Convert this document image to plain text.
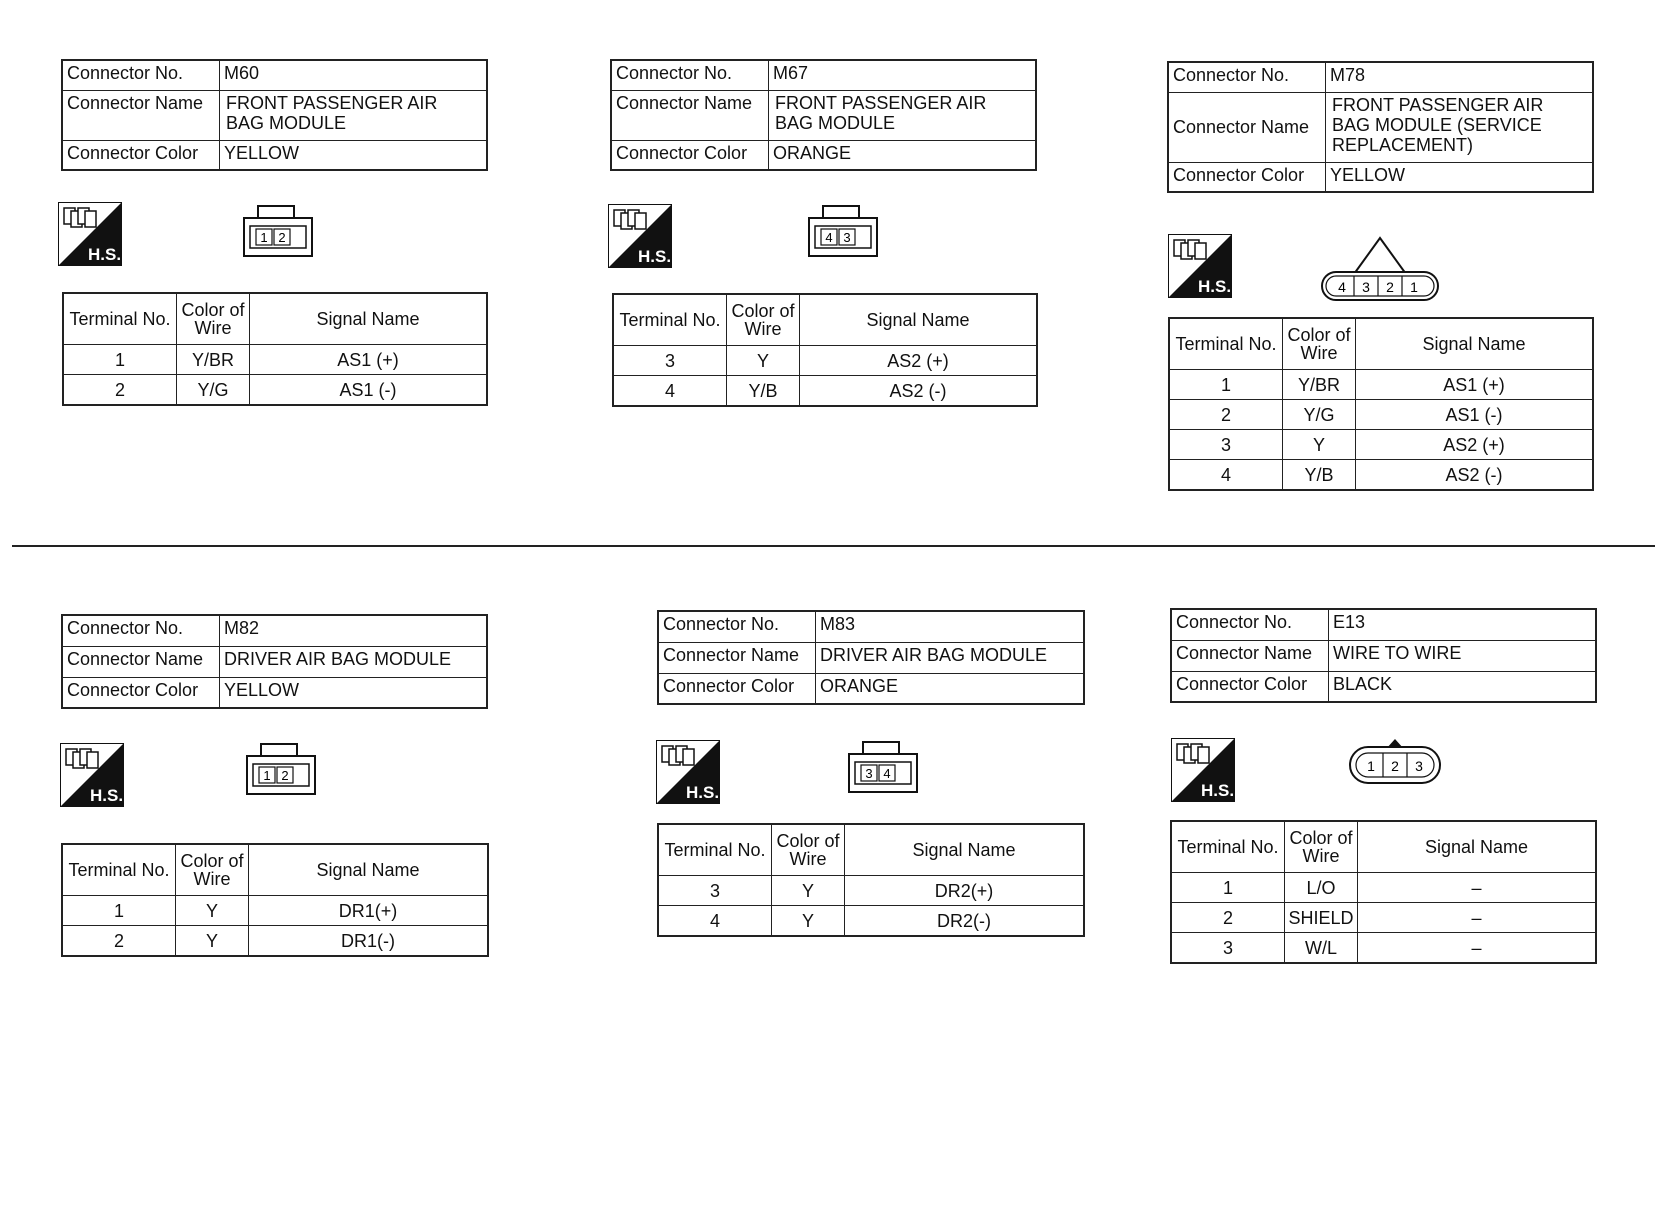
Connector No.	M60
Connector Name	FRONT PASSENGER AIR BAG MODULE
Connector Color	YELLOW
H.S.
1 2
Terminal No.	Color of Wire	Signal Name
1	Y/BR	AS1 (+)
2	Y/G	AS1 (-)
Connector No.	M67
Connector Name	FRONT PASSENGER AIR BAG MODULE
Connector Color	ORANGE
H.S.
4 3
Terminal No.	Color of Wire	Signal Name
3	Y	AS2 (+)
4	Y/B	AS2 (-)
Connector No.	M78
Connector Name	FRONT PASSENGER AIR BAG MODULE (SERVICE REPLACEMENT)
Connector Color	YELLOW
H.S.	4 3 2 1
Terminal No.	Color of Wire	Signal Name
1	Y/BR	AS1 (+)
2	Y/G	AS1 (-)
3	Y	AS2 (+)
4	Y/B	AS2 (-)
Connector No.	M82
Connector Name	DRIVER AIR BAG MODULE
Connector Color	YELLOW
H.S.
1 2
Terminal No.	Color of Wire	Signal Name
1	Y	DR1(+)
2	Y	DR1(-)
Connector No.	M83
Connector Name	DRIVER AIR BAG MODULE
Connector Color	ORANGE
H.S.
3 4
Terminal No.	Color of Wire	Signal Name
3	Y	DR2(+)
4	Y	DR2(-)
Connector No.	E13
Connector Name	WIRE TO WIRE
Connector Color	BLACK
H.S.
1 2 3
Terminal No.	Color of Wire	Signal Name
1	L/O	–
2	SHIELD	–
3	W/L	–
